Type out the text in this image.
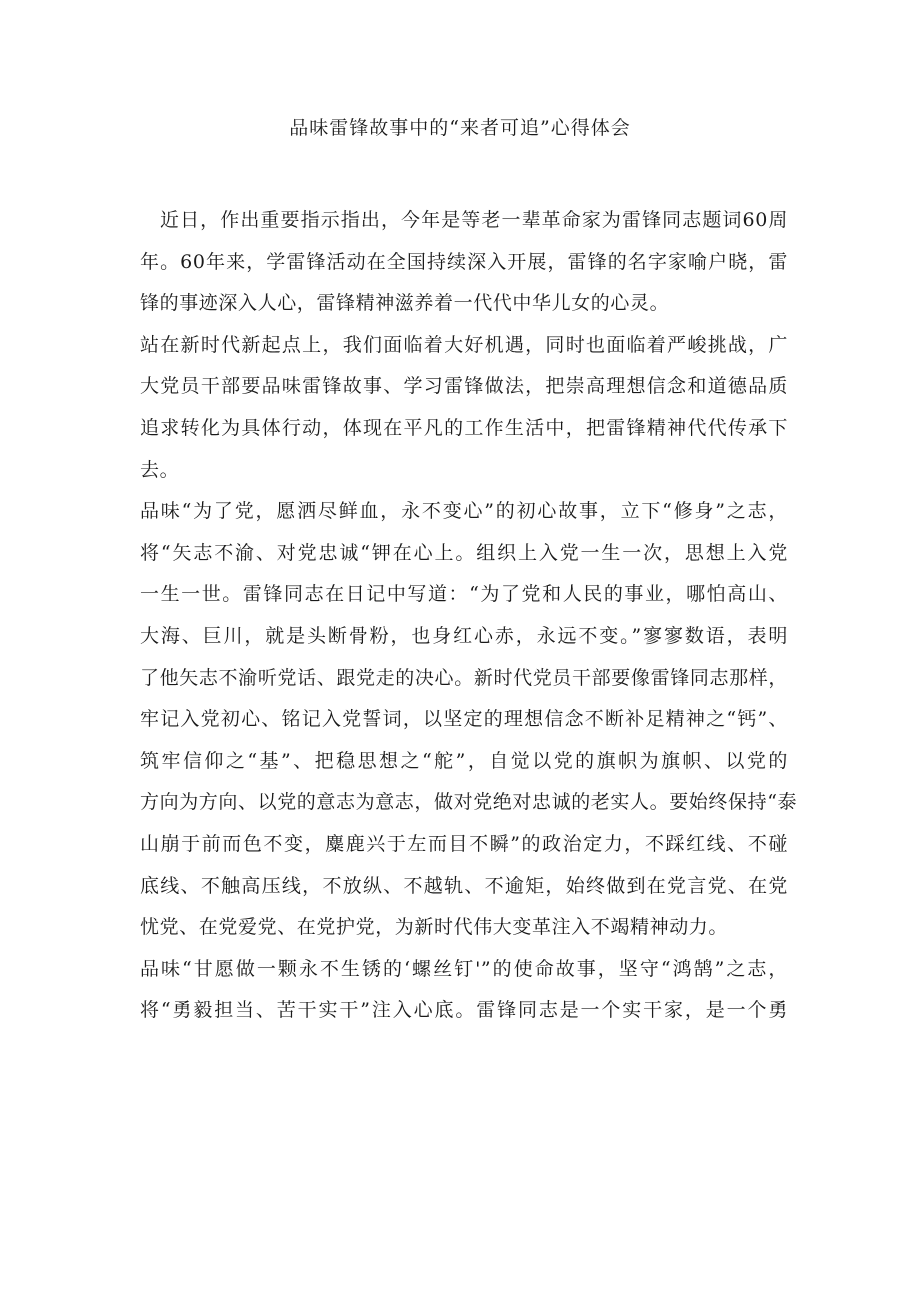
品味雷锋故事中的“来者可追”心得体会
近日，作出重要指示指出，今年是等老一辈革命家为雷锋同志题词60周
年。60年来，学雷锋活动在全国持续深入开展，雷锋的名字家喻户晓，雷
锋的事迹深入人心，雷锋精神滋养着一代代中华儿女的心灵。
站在新时代新起点上，我们面临着大好机遇，同时也面临着严峻挑战，广
大党员干部要品味雷锋故事、学习雷锋做法，把崇高理想信念和道德品质
追求转化为具体行动，体现在平凡的工作生活中，把雷锋精神代代传承下
去。
品味“为了党，愿洒尽鲜血，永不变心”的初心故事，立下“修身”之志，
将“矢志不渝、对党忠诚“钾在心上。组织上入党一生一次，思想上入党
一生一世。雷锋同志在日记中写道：“为了党和人民的事业，哪怕高山、
大海、巨川，就是头断骨粉，也身红心赤，永远不变。”寥寥数语，表明
了他矢志不渝听党话、跟党走的决心。新时代党员干部要像雷锋同志那样，
牢记入党初心、铭记入党誓词，以坚定的理想信念不断补足精神之“钙”、
筑牢信仰之“基”、把稳思想之“舵”，自觉以党的旗帜为旗帜、以党的
方向为方向、以党的意志为意志，做对党绝对忠诚的老实人。要始终保持“泰
山崩于前而色不变，麋鹿兴于左而目不瞬”的政治定力，不踩红线、不碰
底线、不触高压线，不放纵、不越轨、不逾矩，始终做到在党言党、在党
忧党、在党爱党、在党护党，为新时代伟大变革注入不竭精神动力。
品味“甘愿做一颗永不生锈的‘螺丝钉'”的使命故事，坚守“鸿鹄”之志，
将“勇毅担当、苦干实干”注入心底。雷锋同志是一个实干家，是一个勇
